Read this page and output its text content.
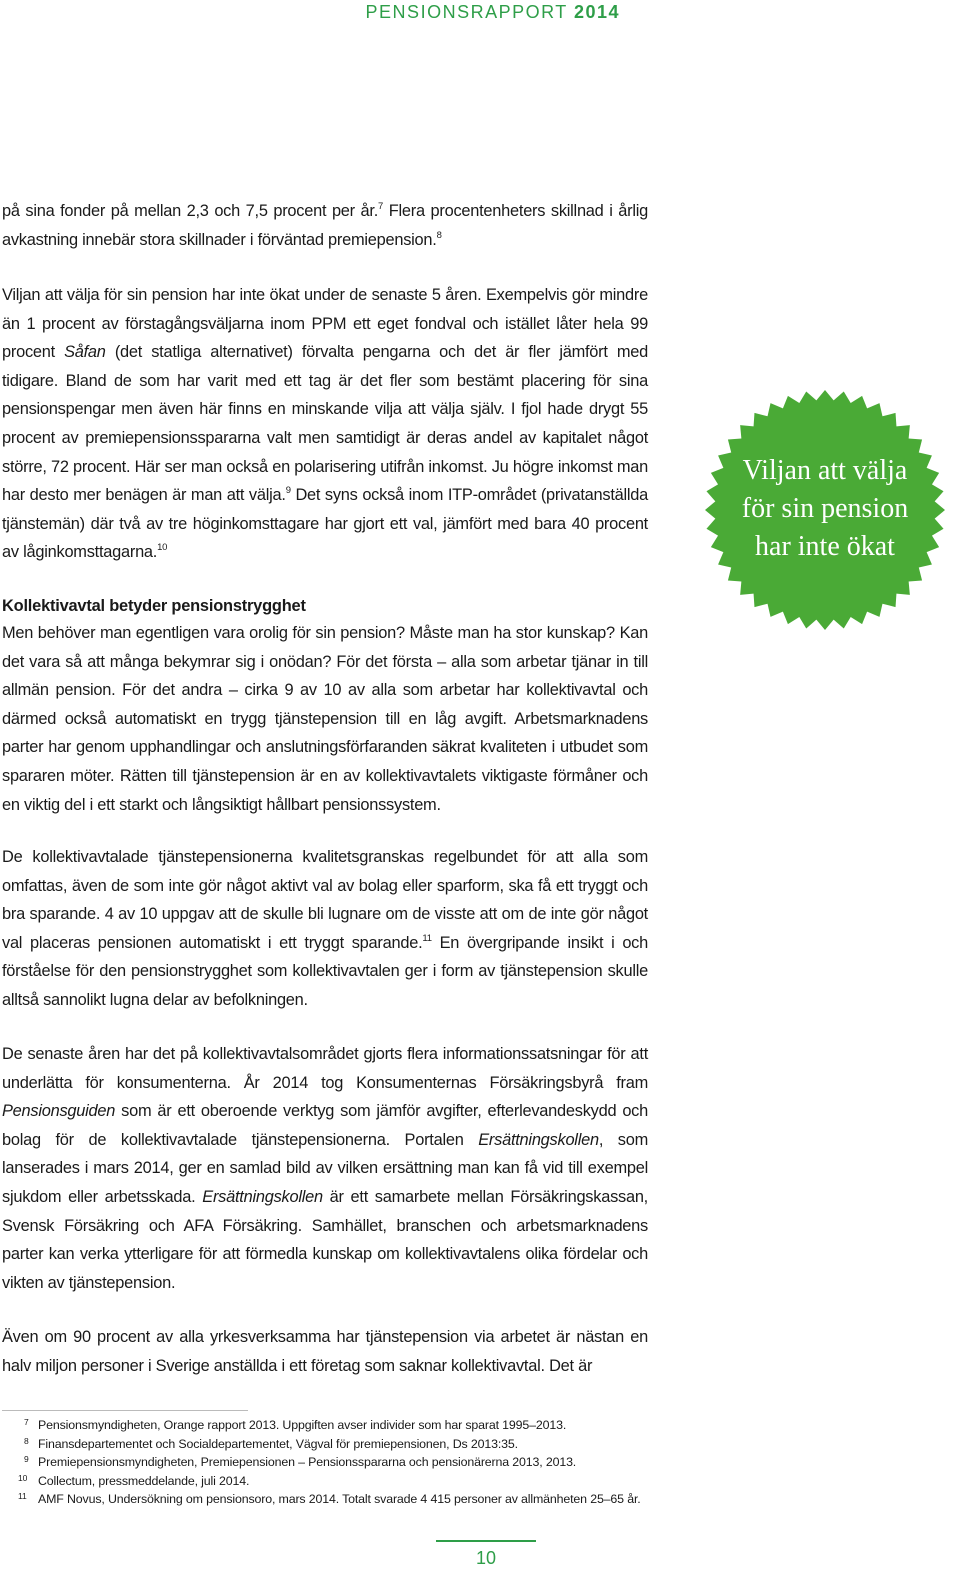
PENSIONSRAPPORT 2014

på sina fonder på mellan 2,3 och 7,5 procent per år.$^7$ Flera procentenheters skillnad i årlig avkastning innebär stora skillnader i förväntad premiepension.$^8$

Viljan att välja för sin pension har inte ökat under de senaste 5 åren. Exempelvis gör mindre än 1 procent av förstagångsväljarna inom PPM ett eget fondval och istället låter hela 99 procent Såfan (det statliga alternativet) förvalta pengarna och det är fler jämfört med tidigare. Bland de som har varit med ett tag är det fler som bestämt placering för sina pensionspengar men även här finns en minskande vilja att välja själv. I fjol hade drygt 55 procent av premiepensionsspararna valt men samtidigt är deras andel av kapitalet något större, 72 procent. Här ser man också en polarisering utifrån inkomst. Ju högre inkomst man har desto mer benägen är man att välja.$^9$ Det syns också inom ITP-området (privatanställda tjänstemän) där två av tre höginkomsttagare har gjort ett val, jämfört med bara 40 procent av låginkomsttagarna.$^{10}$

Kollektivavtal betyder pensionstrygghet

Men behöver man egentligen vara orolig för sin pension? Måste man ha stor kunskap? Kan det vara så att många bekymrar sig i onödan? För det första – alla som arbetar tjänar in till allmän pension. För det andra – cirka 9 av 10 av alla som arbetar har kollektivavtal och därmed också automatiskt en trygg tjänstepension till en låg avgift. Arbetsmarknadens parter har genom upphandlingar och anslutningsförfaranden säkrat kvaliteten i utbudet som spararen möter. Rätten till tjänstepension är en av kollektivavtalets viktigaste förmåner och en viktig del i ett starkt och långsiktigt hållbart pensionssystem.

De kollektivavtalade tjänstepensionerna kvalitetsgranskas regelbundet för att alla som omfattas, även de som inte gör något aktivt val av bolag eller sparform, ska få ett tryggt och bra sparande. 4 av 10 uppgav att de skulle bli lugnare om de visste att om de inte gör något val placeras pensionen automatiskt i ett tryggt sparande.$^{11}$ En övergripande insikt i och förståelse för den pensionstrygghet som kollektivavtalen ger i form av tjänstepension skulle alltså sannolikt lugna delar av befolkningen.

De senaste åren har det på kollektivavtalsområdet gjorts flera informationssatsningar för att underlätta för konsumenterna. År 2014 tog Konsumenternas Försäkringsbyrå fram Pensionsguiden som är ett oberoende verktyg som jämför avgifter, efterlevandeskydd och bolag för de kollektivavtalade tjänstepensionerna. Portalen Ersättningskollen, som lanserades i mars 2014, ger en samlad bild av vilken ersättning man kan få vid till exempel sjukdom eller arbetsskada. Ersättningskollen är ett samarbete mellan Försäkringskassan, Svensk Försäkring och AFA Försäkring. Samhället, branschen och arbetsmarknadens parter kan verka ytterligare för att förmedla kunskap om kollektivavtalens olika fördelar och vikten av tjänstepension.

Även om 90 procent av alla yrkesverksamma har tjänstepension via arbetet är nästan en halv miljon personer i Sverige anställda i ett företag som saknar kollektivavtal. Det är

Viljan att välja
för sin pension
har inte ökat
7 Pensionsmyndigheten, Orange rapport 2013. Uppgiften avser individer som har sparat 1995–2013.
8 Finansdepartementet och Socialdepartementet, Vägval för premiepensionen, Ds 2013:35.
9 Premiepensionsmyndigheten, Premiepensionen – Pensionsspararna och pensionärerna 2013, 2013.
10 Collectum, pressmeddelande, juli 2014.
11 AMF Novus, Undersökning om pensionsoro, mars 2014. Totalt svarade 4 415 personer av allmänheten 25–65 år.
10
